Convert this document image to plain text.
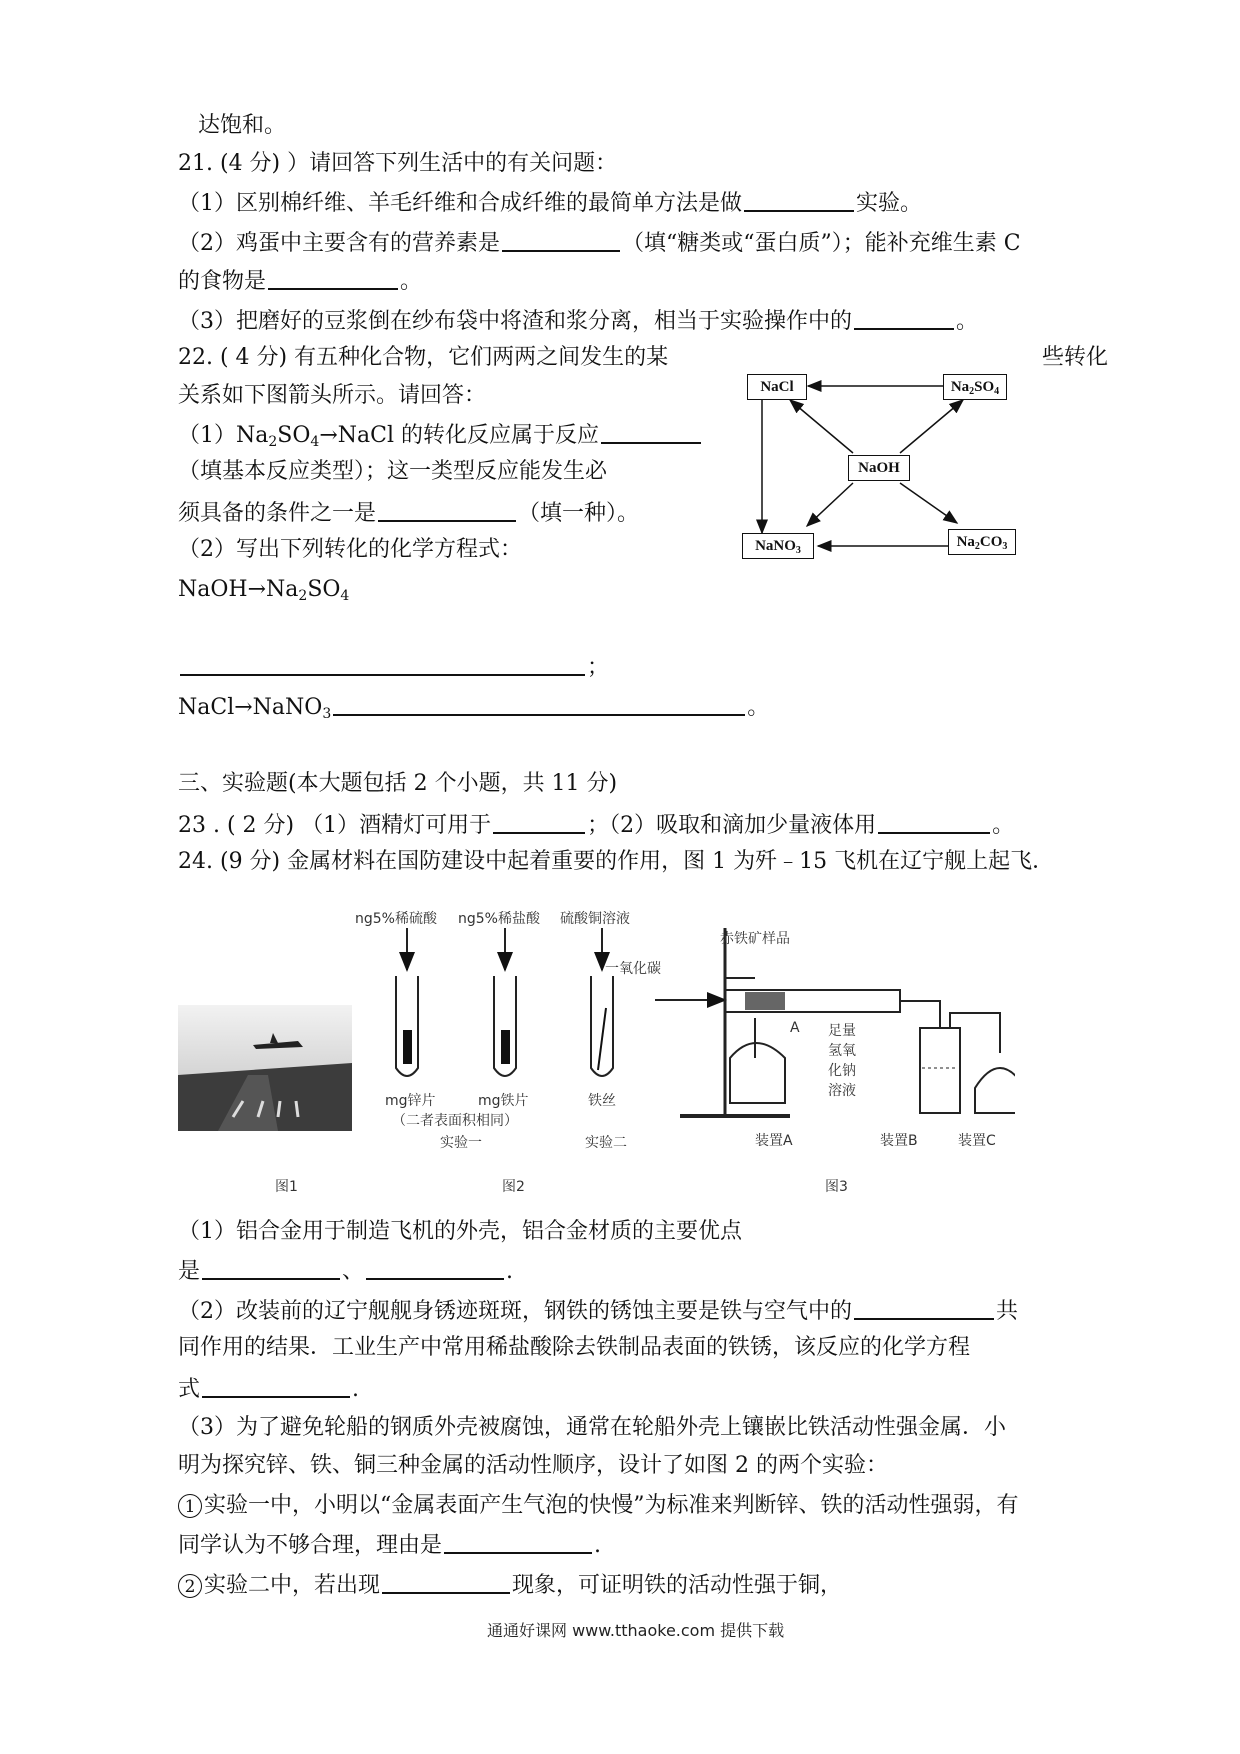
达饱和。
21. (4 分) ）请回答下列生活中的有关问题：
（1）区别棉纤维、羊毛纤维和合成纤维的最简单方法是做	实验。
（2）鸡蛋中主要含有的营养素是	（填“糖类或“蛋白质”）；能补充维生素 C
的食物是	。
（3）把磨好的豆浆倒在纱布袋中将渣和浆分离，相当于实验操作中的	。
22. ( 4 分) 有五种化合物，它们两两之间发生的某	些转化
关系如下图箭头所示。请回答：
$(1)Na_2SO_4\to NaCl$ 的转化反应属于反应
（填基本反应类型）；这一类型反应能发生必
须具备的条件之一是	（填一种）。
（2）写出下列转化的化学方程式：
$NaOH\to Na_2SO_4$
；
NaCl→NaNO$_3$	。
三、实验题(本大题包括 2 个小题，共 11 分)
23 . ( 2 分) （1）酒精灯可用于	；（2）吸取和滴加少量液体用	。
24. (9 分) 金属材料在国防建设中起着重要的作用，图 1 为歼﹣15 飞机在辽宁舰上起飞．
NaCl	$Na_2SO_4$
NaOH
NaNO$_3$
$Na_2CO_3$
ng5%稀硫酸 ng5%稀盐酸 硫酸铜溶液
mg锌片	mg铁片	铁丝
（二者表面积相同）
实验一	实验二
一氧化碳
赤铁矿样品
A 足量
氢氧
化钠
溶液
装置A	装置B	装置C
图1	图2	图3
（1）铝合金用于制造飞机的外壳，铝合金材质的主要优点
是	、	.
（2）改装前的辽宁舰舰身锈迹斑斑，钢铁的锈蚀主要是铁与空气中的	共
同作用的结果．工业生产中常用稀盐酸除去铁制品表面的铁锈，该反应的化学方程
式	.
（3）为了避免轮船的钢质外壳被腐蚀，通常在轮船外壳上镶嵌比铁活动性强金属．小
明为探究锌、铁、铜三种金属的活动性顺序，设计了如图 2 的两个实验：
1 实验一中，小明以“金属表面产生气泡的快慢”为标准来判断锌、铁的活动性强弱，有
同学认为不够合理，理由是	.
2 实验二中，若出现	现象，可证明铁的活动性强于铜，
通通好课网 www.tthaoke.com 提供下载
